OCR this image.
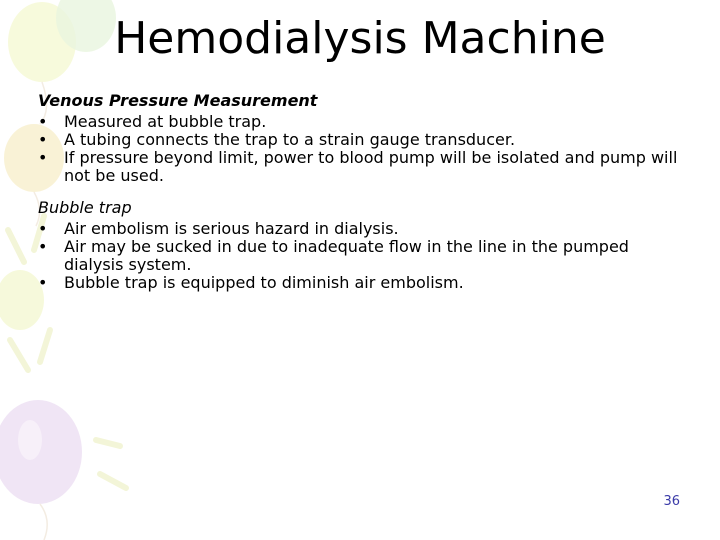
Hemodialysis Machine

Venous Pressure Measurement

• Measured at bubble trap.

• A tubing connects the trap to a strain gauge transducer.

• If pressure beyond limit, power to blood pump will be isolated and pump will not be used.

Bubble trap

• Air embolism is serious hazard in dialysis.

• Air may be sucked in due to inadequate flow in the line in the pumped dialysis system.

• Bubble trap is equipped to diminish air embolism.

36
